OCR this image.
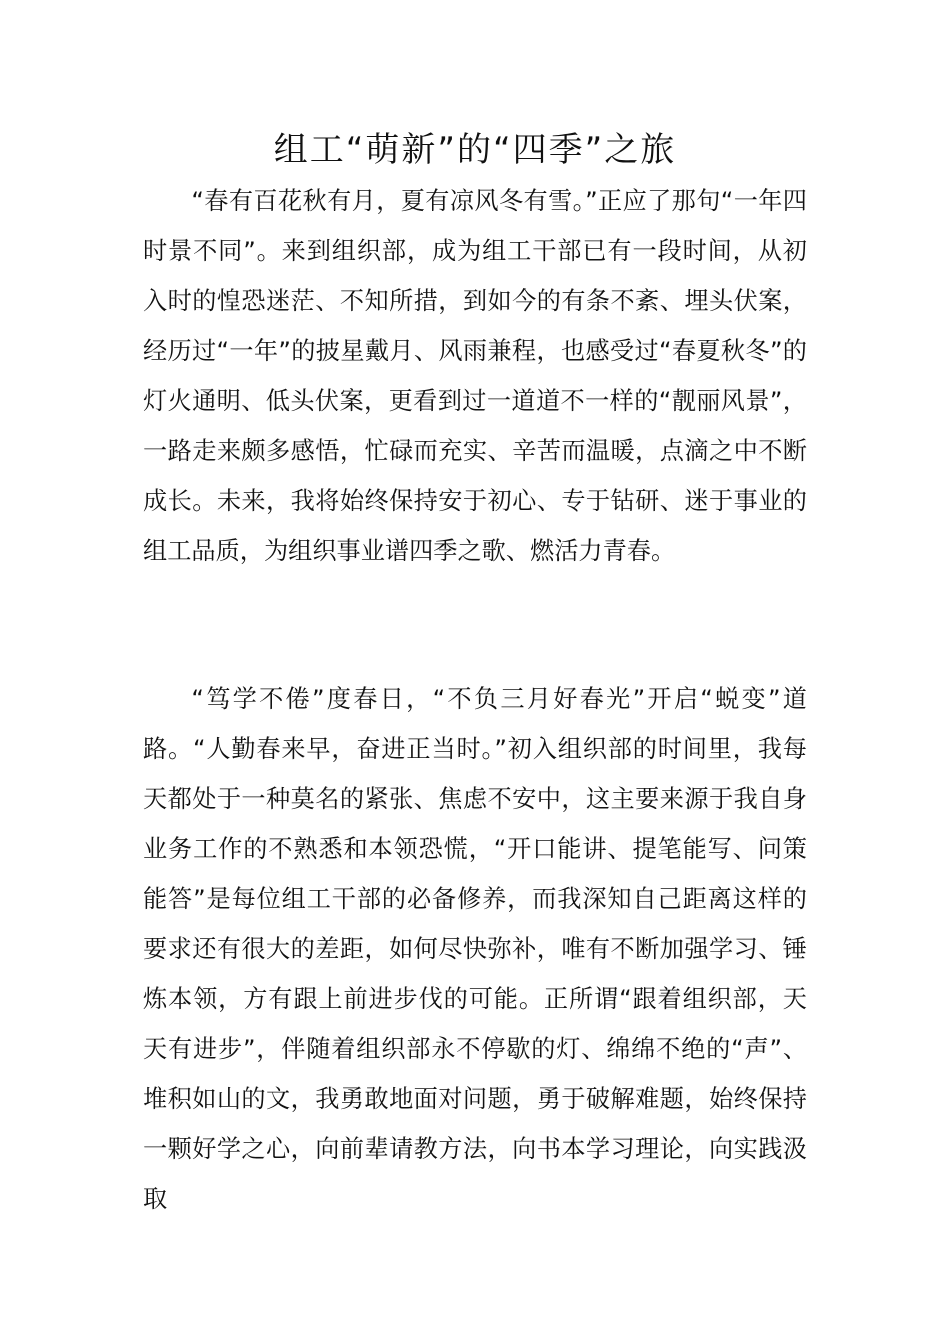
组工“萌新”的“四季”之旅

“春有百花秋有月，夏有凉风冬有雪。”正应了那句“一年四时景不同”。来到组织部，成为组工干部已有一段时间，从初入时的惶恐迷茫、不知所措，到如今的有条不紊、埋头伏案，经历过“一年”的披星戴月、风雨兼程，也感受过“春夏秋冬”的灯火通明、低头伏案，更看到过一道道不一样的“靓丽风景”，一路走来颇多感悟，忙碌而充实、辛苦而温暖，点滴之中不断成长。未来，我将始终保持安于初心、专于钻研、迷于事业的组工品质，为组织事业谱四季之歌、燃活力青春。

“笃学不倦”度春日，“不负三月好春光”开启“蜕变”道路。“人勤春来早，奋进正当时。”初入组织部的时间里，我每天都处于一种莫名的紧张、焦虑不安中，这主要来源于我自身业务工作的不熟悉和本领恐慌，“开口能讲、提笔能写、问策能答”是每位组工干部的必备修养，而我深知自己距离这样的要求还有很大的差距，如何尽快弥补，唯有不断加强学习、锤炼本领，方有跟上前进步伐的可能。正所谓“跟着组织部，天天有进步”，伴随着组织部永不停歇的灯、绵绵不绝的“声”、堆积如山的文，我勇敢地面对问题，勇于破解难题，始终保持一颗好学之心，向前辈请教方法，向书本学习理论，向实践汲取
